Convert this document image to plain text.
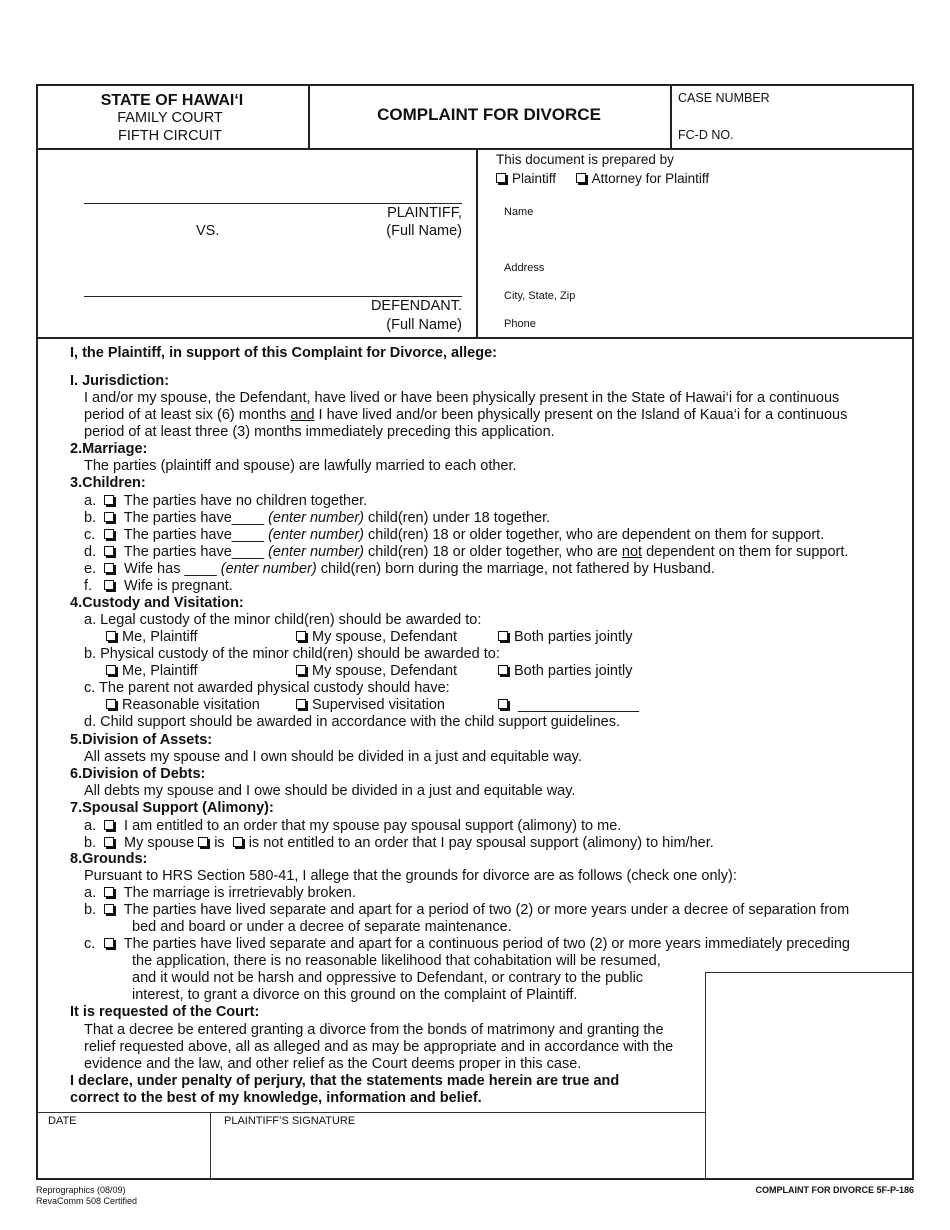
STATE OF HAWAI‘I
FAMILY COURT
FIFTH CIRCUIT
COMPLAINT FOR DIVORCE
CASE NUMBER
FC-D NO.
PLAINTIFF,
VS.	(Full Name)
DEFENDANT.
(Full Name)
This document is prepared by
Plaintiff	Attorney for Plaintiff
Name
Address
City, State, Zip
Phone
I, the Plaintiff, in support of this Complaint for Divorce, allege:
I. Jurisdiction:
I and/or my spouse, the Defendant, have lived or have been physically present in the State of Hawai‘i for a continuous
period of at least six (6) months and I have lived and/or been physically present on the Island of Kaua‘i for a continuous
period of at least three (3) months immediately preceding this application.
2.Marriage:
The parties (plaintiff and spouse) are lawfully married to each other.
3.Children:
a. The parties have no children together.
b. The parties have____ (enter number) child(ren) under 18 together.
c. The parties have____ (enter number) child(ren) 18 or older together, who are dependent on them for support.
d. The parties have____ (enter number) child(ren) 18 or older together, who are not dependent on them for support.
e. Wife has ____ (enter number) child(ren) born during the marriage, not fathered by Husband.
f. Wife is pregnant.
4.Custody and Visitation:
a. Legal custody of the minor child(ren) should be awarded to:
Me, Plaintiff	My spouse, Defendant	Both parties jointly
b. Physical custody of the minor child(ren) should be awarded to:
Me, Plaintiff	My spouse, Defendant	Both parties jointly
c. The parent not awarded physical custody should have:
Reasonable visitation	Supervised visitation	_______________
d. Child support should be awarded in accordance with the child support guidelines.
5.Division of Assets:
All assets my spouse and I own should be divided in a just and equitable way.
6.Division of Debts:
All debts my spouse and I owe should be divided in a just and equitable way.
7.Spousal Support (Alimony):
a. I am entitled to an order that my spouse pay spousal support (alimony) to me.
b. My spouse is is not entitled to an order that I pay spousal support (alimony) to him/her.
8.Grounds:
Pursuant to HRS Section 580-41, I allege that the grounds for divorce are as follows (check one only):
a. The marriage is irretrievably broken.
b. The parties have lived separate and apart for a period of two (2) or more years under a decree of separation from
bed and board or under a decree of separate maintenance.
c. The parties have lived separate and apart for a continuous period of two (2) or more years immediately preceding
the application, there is no reasonable likelihood that cohabitation will be resumed,
and it would not be harsh and oppressive to Defendant, or contrary to the public
interest, to grant a divorce on this ground on the complaint of Plaintiff.
It is requested of the Court:
That a decree be entered granting a divorce from the bonds of matrimony and granting the
relief requested above, all as alleged and as may be appropriate and in accordance with the
evidence and the law, and other relief as the Court deems proper in this case.
I declare, under penalty of perjury, that the statements made herein are true and
correct to the best of my knowledge, information and belief.
DATE	PLAINTIFF’S SIGNATURE
Reprographics (08/09)
RevaComm 508 Certified
COMPLAINT FOR DIVORCE 5F-P-186
